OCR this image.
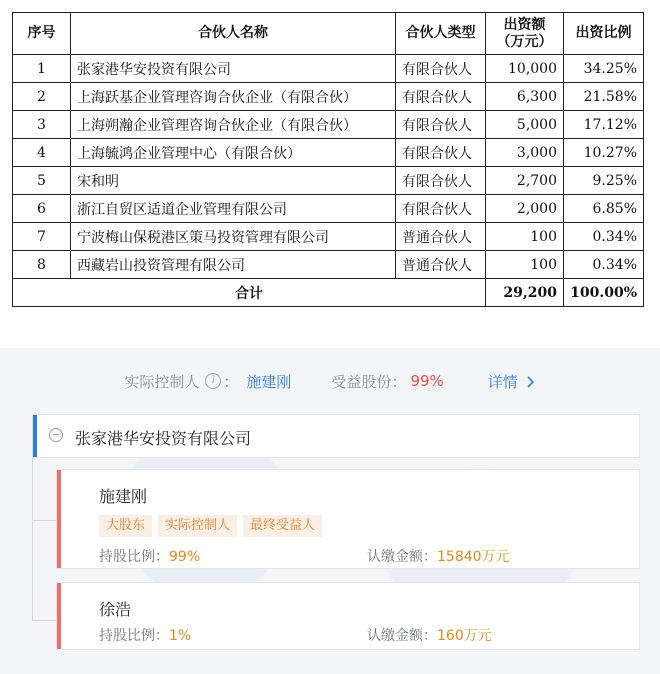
序号	合伙人名称	合伙人类型	出资额
（万元）	出资比例
1	张家港华安投资有限公司	有限合伙人	10,000	34.25%
2	上海跃基企业管理咨询合伙企业（有限合伙）	有限合伙人	6,300	21.58%
3	上海朔瀚企业管理咨询合伙企业（有限合伙）	有限合伙人	5,000	17.12%
4	上海毓鸿企业管理中心（有限合伙）	有限合伙人	3,000	10.27%
5	宋和明	有限合伙人	2,700	9.25%
6	浙江自贸区适道企业管理有限公司	有限合伙人	2,000	6.85%
7	宁波梅山保税港区策马投资管理有限公司	普通合伙人	100	0.34%
8	西藏岩山投资管理有限公司	普通合伙人	100	0.34%
合计			29,200	100.00%
实际控制人	i ： 施建刚	受益股份： 99%	详情
张家港华安投资有限公司
施建刚
大股东	实际控制人	最终受益人
持股比例：99%	认缴金额：15840万元
徐浩
持股比例：1%	认缴金额：160万元
